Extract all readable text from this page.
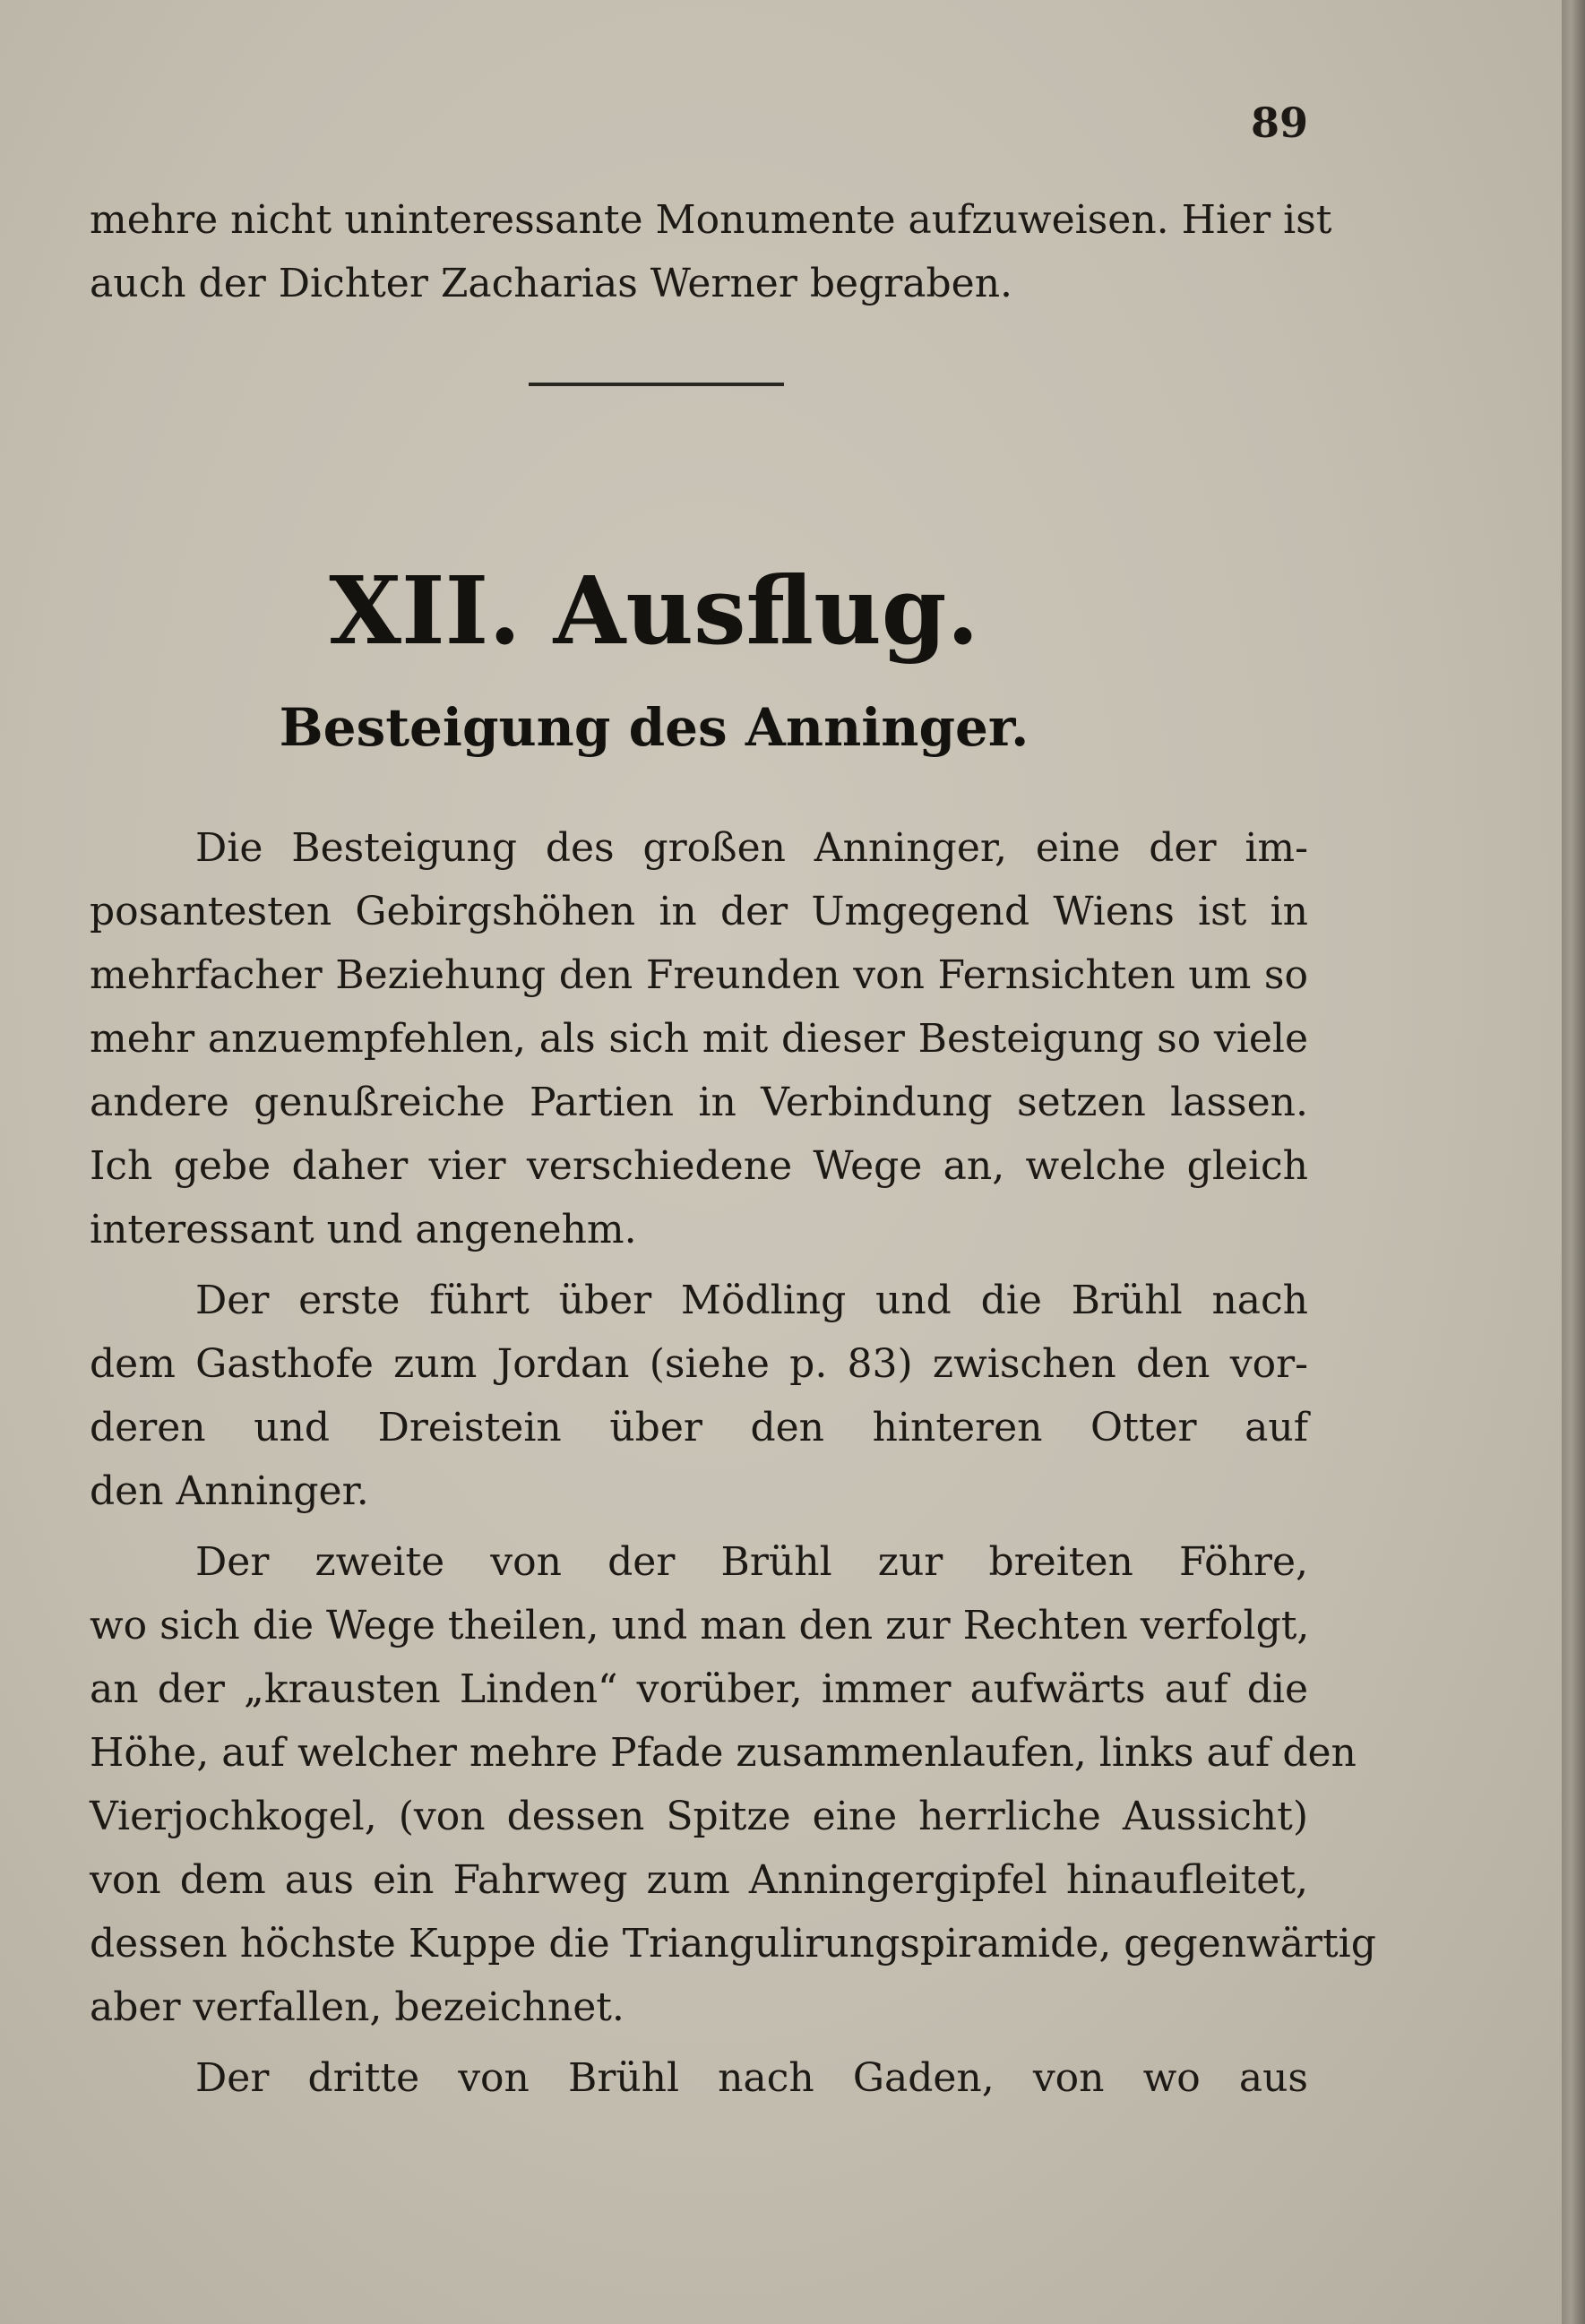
89
mehre nicht uninteressante Monumente aufzuweisen. Hier ist
auch der Dichter Zacharias Werner begraben.
XII. Ausflug.
Besteigung des Anninger.
Die Besteigung des großen Anninger, eine der im-
posantesten Gebirgshöhen in der Umgegend Wiens ist in
mehrfacher Beziehung den Freunden von Fernsichten um so
mehr anzuempfehlen, als sich mit dieser Besteigung so viele
andere genußreiche Partien in Verbindung setzen lassen.
Ich gebe daher vier verschiedene Wege an, welche gleich
interessant und angenehm.
Der erste führt über Mödling und die Brühl nach
dem Gasthofe zum Jordan (siehe p. 83) zwischen den vor-
deren und Dreistein über den hinteren Otter auf
den Anninger.
Der zweite von der Brühl zur breiten Föhre,
wo sich die Wege theilen, und man den zur Rechten verfolgt,
an der „krausten Linden“ vorüber, immer aufwärts auf die
Höhe, auf welcher mehre Pfade zusammenlaufen, links auf den
Vierjochkogel, (von dessen Spitze eine herrliche Aussicht)
von dem aus ein Fahrweg zum Anningergipfel hinaufleitet,
dessen höchste Kuppe die Triangulirungspiramide, gegenwärtig
aber verfallen, bezeichnet.
Der dritte von Brühl nach Gaden, von wo aus
